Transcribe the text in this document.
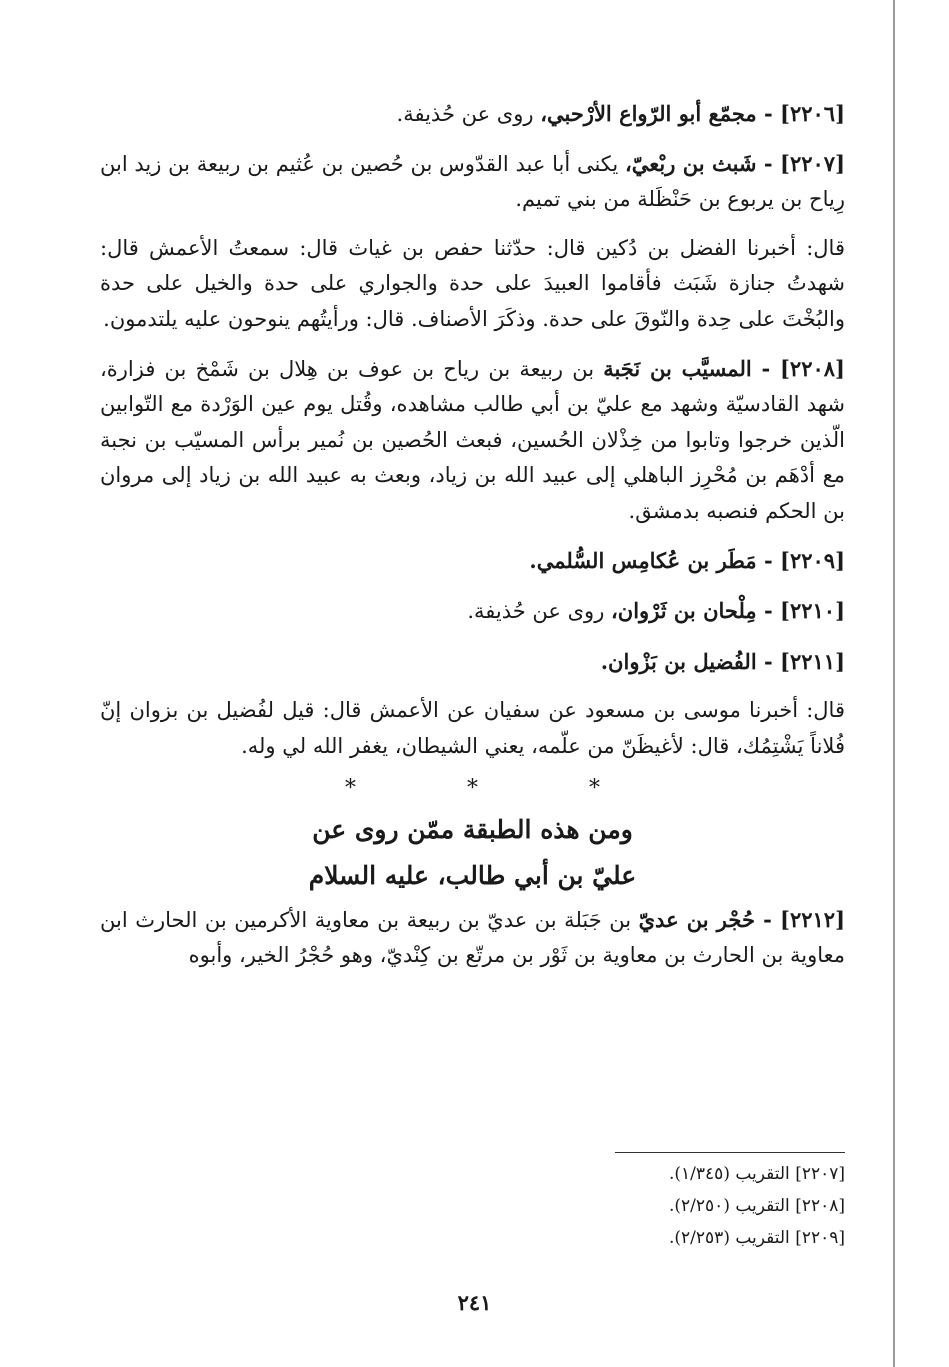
[٢٢٠٦] - مجمّع أبو الرّواع الأرْحبي، روى عن حُذيفة.

[٢٢٠٧] - شَبث بن ربْعيّ، يكنى أبا عبد القدّوس بن حُصين بن عُثيم بن ربيعة بن زيد ابن رِياح بن يربوع بن حَنْظَلة من بني تميم.

قال: أخبرنا الفضل بن دُكين قال: حدّثنا حفص بن غياث قال: سمعتُ الأعمش قال: شهدتُ جنازة شَبَث فأقاموا العبيدَ على حدة والجواري على حدة والخيل على حدة والبُخْتَ على حِدة والنّوقَ على حدة. وذكَرَ الأصناف. قال: ورأيتُهم ينوحون عليه يلتدمون.

[٢٢٠٨] - المسيَّب بن نَجَبة بن ربيعة بن رياح بن عوف بن هِلال بن شَمْخ بن فزارة، شهد القادسيّة وشهد مع عليّ بن أبي طالب مشاهده، وقُتل يوم عين الوَرْدة مع التّوابين الّذين خرجوا وتابوا من خِذْلان الحُسين، فبعث الحُصين بن نُمير برأس المسيّب بن نجبة مع أدْهَم بن مُحْرِز الباهلي إلى عبيد الله بن زياد، وبعث به عبيد الله بن زياد إلى مروان بن الحكم فنصبه بدمشق.

[٢٢٠٩] - مَطَر بن عُكامِس السُّلمي.

[٢٢١٠] - مِلْحان بن ثَرْوان، روى عن حُذيفة.

[٢٢١١] - الفُضيل بن بَزْوان.

قال: أخبرنا موسى بن مسعود عن سفيان عن الأعمش قال: قيل لفُضيل بن بزوان إنّ فُلاناً يَشْتِمُك، قال: لأغيظَنّ من علّمه، يعني الشيطان، يغفر الله لي وله.

* * *
ومن هذه الطبقة ممّن روى عن
عليّ بن أبي طالب، عليه السلام

[٢٢١٢] - حُجْر بن عديّ بن جَبَلة بن عديّ بن ربيعة بن معاوية الأكرمين بن الحارث ابن معاوية بن الحارث بن معاوية بن ثَوْر بن مرتّع بن كِنْديّ، وهو حُجْرُ الخير، وأبوه

[٢٢٠٧] التقريب (١/٣٤٥).
[٢٢٠٨] التقريب (٢/٢٥٠).
[٢٢٠٩] التقريب (٢/٢٥٣).
٢٤١
